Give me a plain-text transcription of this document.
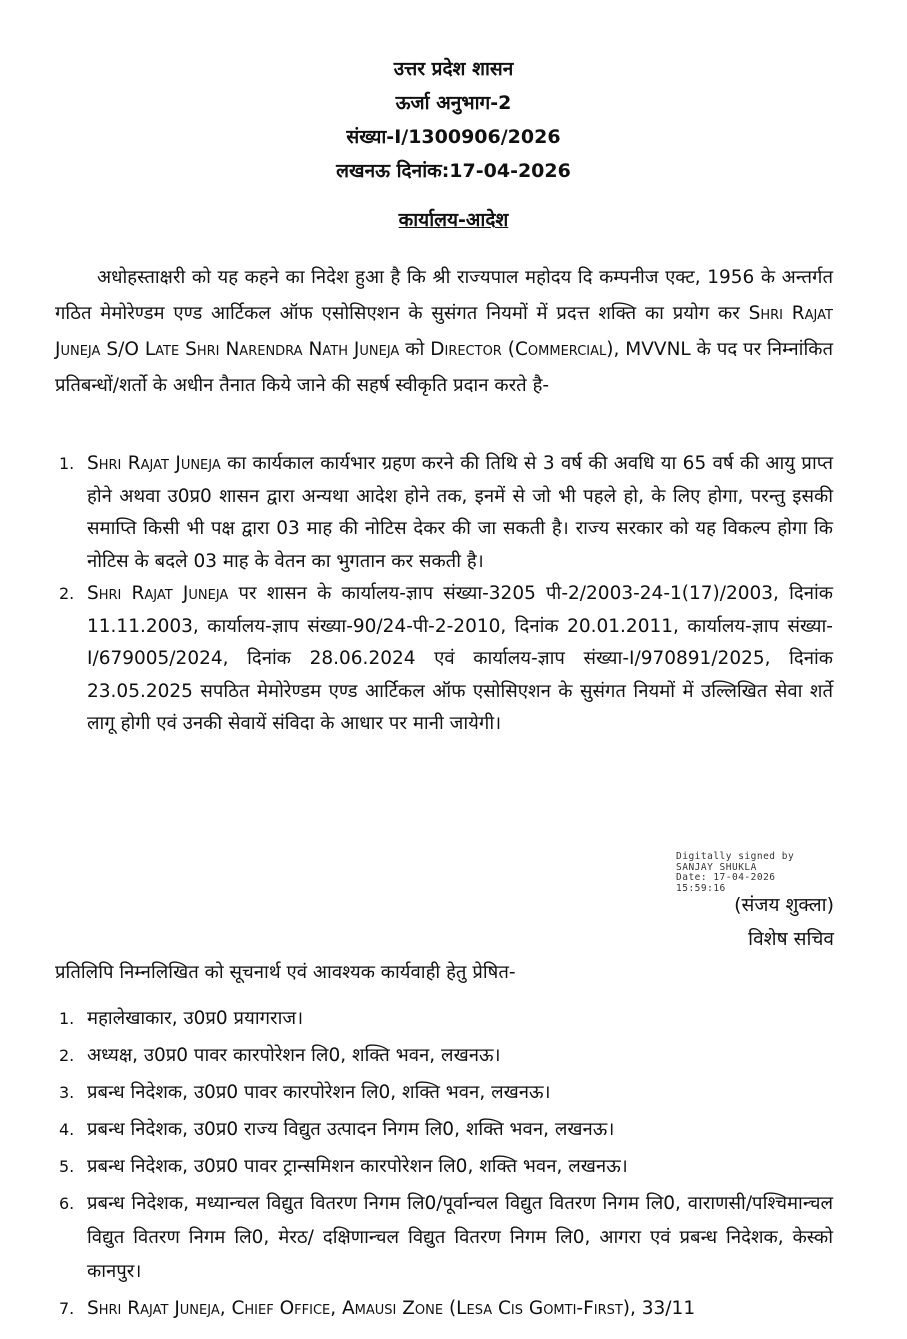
उत्तर प्रदेश शासन
ऊर्जा अनुभाग-2
संख्या-I/1300906/2026
लखनऊ दिनांक:17-04-2026
कार्यालय-आदेश
अधोहस्ताक्षरी को यह कहने का निदेश हुआ है कि श्री राज्यपाल महोदय दि कम्पनीज एक्ट, 1956 के अन्तर्गत गठित मेमोरेण्डम एण्ड आर्टिकल ऑफ एसोसिएशन के सुसंगत नियमों में प्रदत्त शक्ति का प्रयोग कर Shri Rajat Juneja S/O Late Shri Narendra Nath Juneja को Director (Commercial), MVVNL के पद पर निम्नांकित प्रतिबन्धों/शर्तो के अधीन तैनात किये जाने की सहर्ष स्वीकृति प्रदान करते है-
1. Shri Rajat Juneja का कार्यकाल कार्यभार ग्रहण करने की तिथि से 3 वर्ष की अवधि या 65 वर्ष की आयु प्राप्त होने अथवा उ0प्र0 शासन द्वारा अन्यथा आदेश होने तक, इनमें से जो भी पहले हो, के लिए होगा, परन्तु इसकी समाप्ति किसी भी पक्ष द्वारा 03 माह की नोटिस देकर की जा सकती है। राज्य सरकार को यह विकल्प होगा कि नोटिस के बदले 03 माह के वेतन का भुगतान कर सकती है।
2. Shri Rajat Juneja पर शासन के कार्यालय-ज्ञाप संख्या-3205 पी-2/2003-24-1(17)/2003, दिनांक 11.11.2003, कार्यालय-ज्ञाप संख्या-90/24-पी-2-2010, दिनांक 20.01.2011, कार्यालय-ज्ञाप संख्या-I/679005/2024, दिनांक 28.06.2024 एवं कार्यालय-ज्ञाप संख्या-I/970891/2025, दिनांक 23.05.2025 सपठित मेमोरेण्डम एण्ड आर्टिकल ऑफ एसोसिएशन के सुसंगत नियमों में उल्लिखित सेवा शर्ते लागू होगी एवं उनकी सेवायें संविदा के आधार पर मानी जायेगी।
Digitally signed by
SANJAY SHUKLA
Date: 17-04-2026
15:59:16
(संजय शुक्ला)
विशेष सचिव
प्रतिलिपि निम्नलिखित को सूचनार्थ एवं आवश्यक कार्यवाही हेतु प्रेषित-
1. महालेखाकार, उ0प्र0 प्रयागराज।
2. अध्यक्ष, उ0प्र0 पावर कारपोरेशन लि0, शक्ति भवन, लखनऊ।
3. प्रबन्ध निदेशक, उ0प्र0 पावर कारपोरेशन लि0, शक्ति भवन, लखनऊ।
4. प्रबन्ध निदेशक, उ0प्र0 राज्य विद्युत उत्पादन निगम लि0, शक्ति भवन, लखनऊ।
5. प्रबन्ध निदेशक, उ0प्र0 पावर ट्रान्समिशन कारपोरेशन लि0, शक्ति भवन, लखनऊ।
6. प्रबन्ध निदेशक, मध्यान्चल विद्युत वितरण निगम लि0/पूर्वान्चल विद्युत वितरण निगम लि0, वाराणसी/पश्चिमान्चल विद्युत वितरण निगम लि0, मेरठ/ दक्षिणान्चल विद्युत वितरण निगम लि0, आगरा एवं प्रबन्ध निदेशक, केस्को कानपुर।
7. Shri Rajat Juneja, Chief Office, Amausi Zone (Lesa Cis Gomti-First), 33/11
